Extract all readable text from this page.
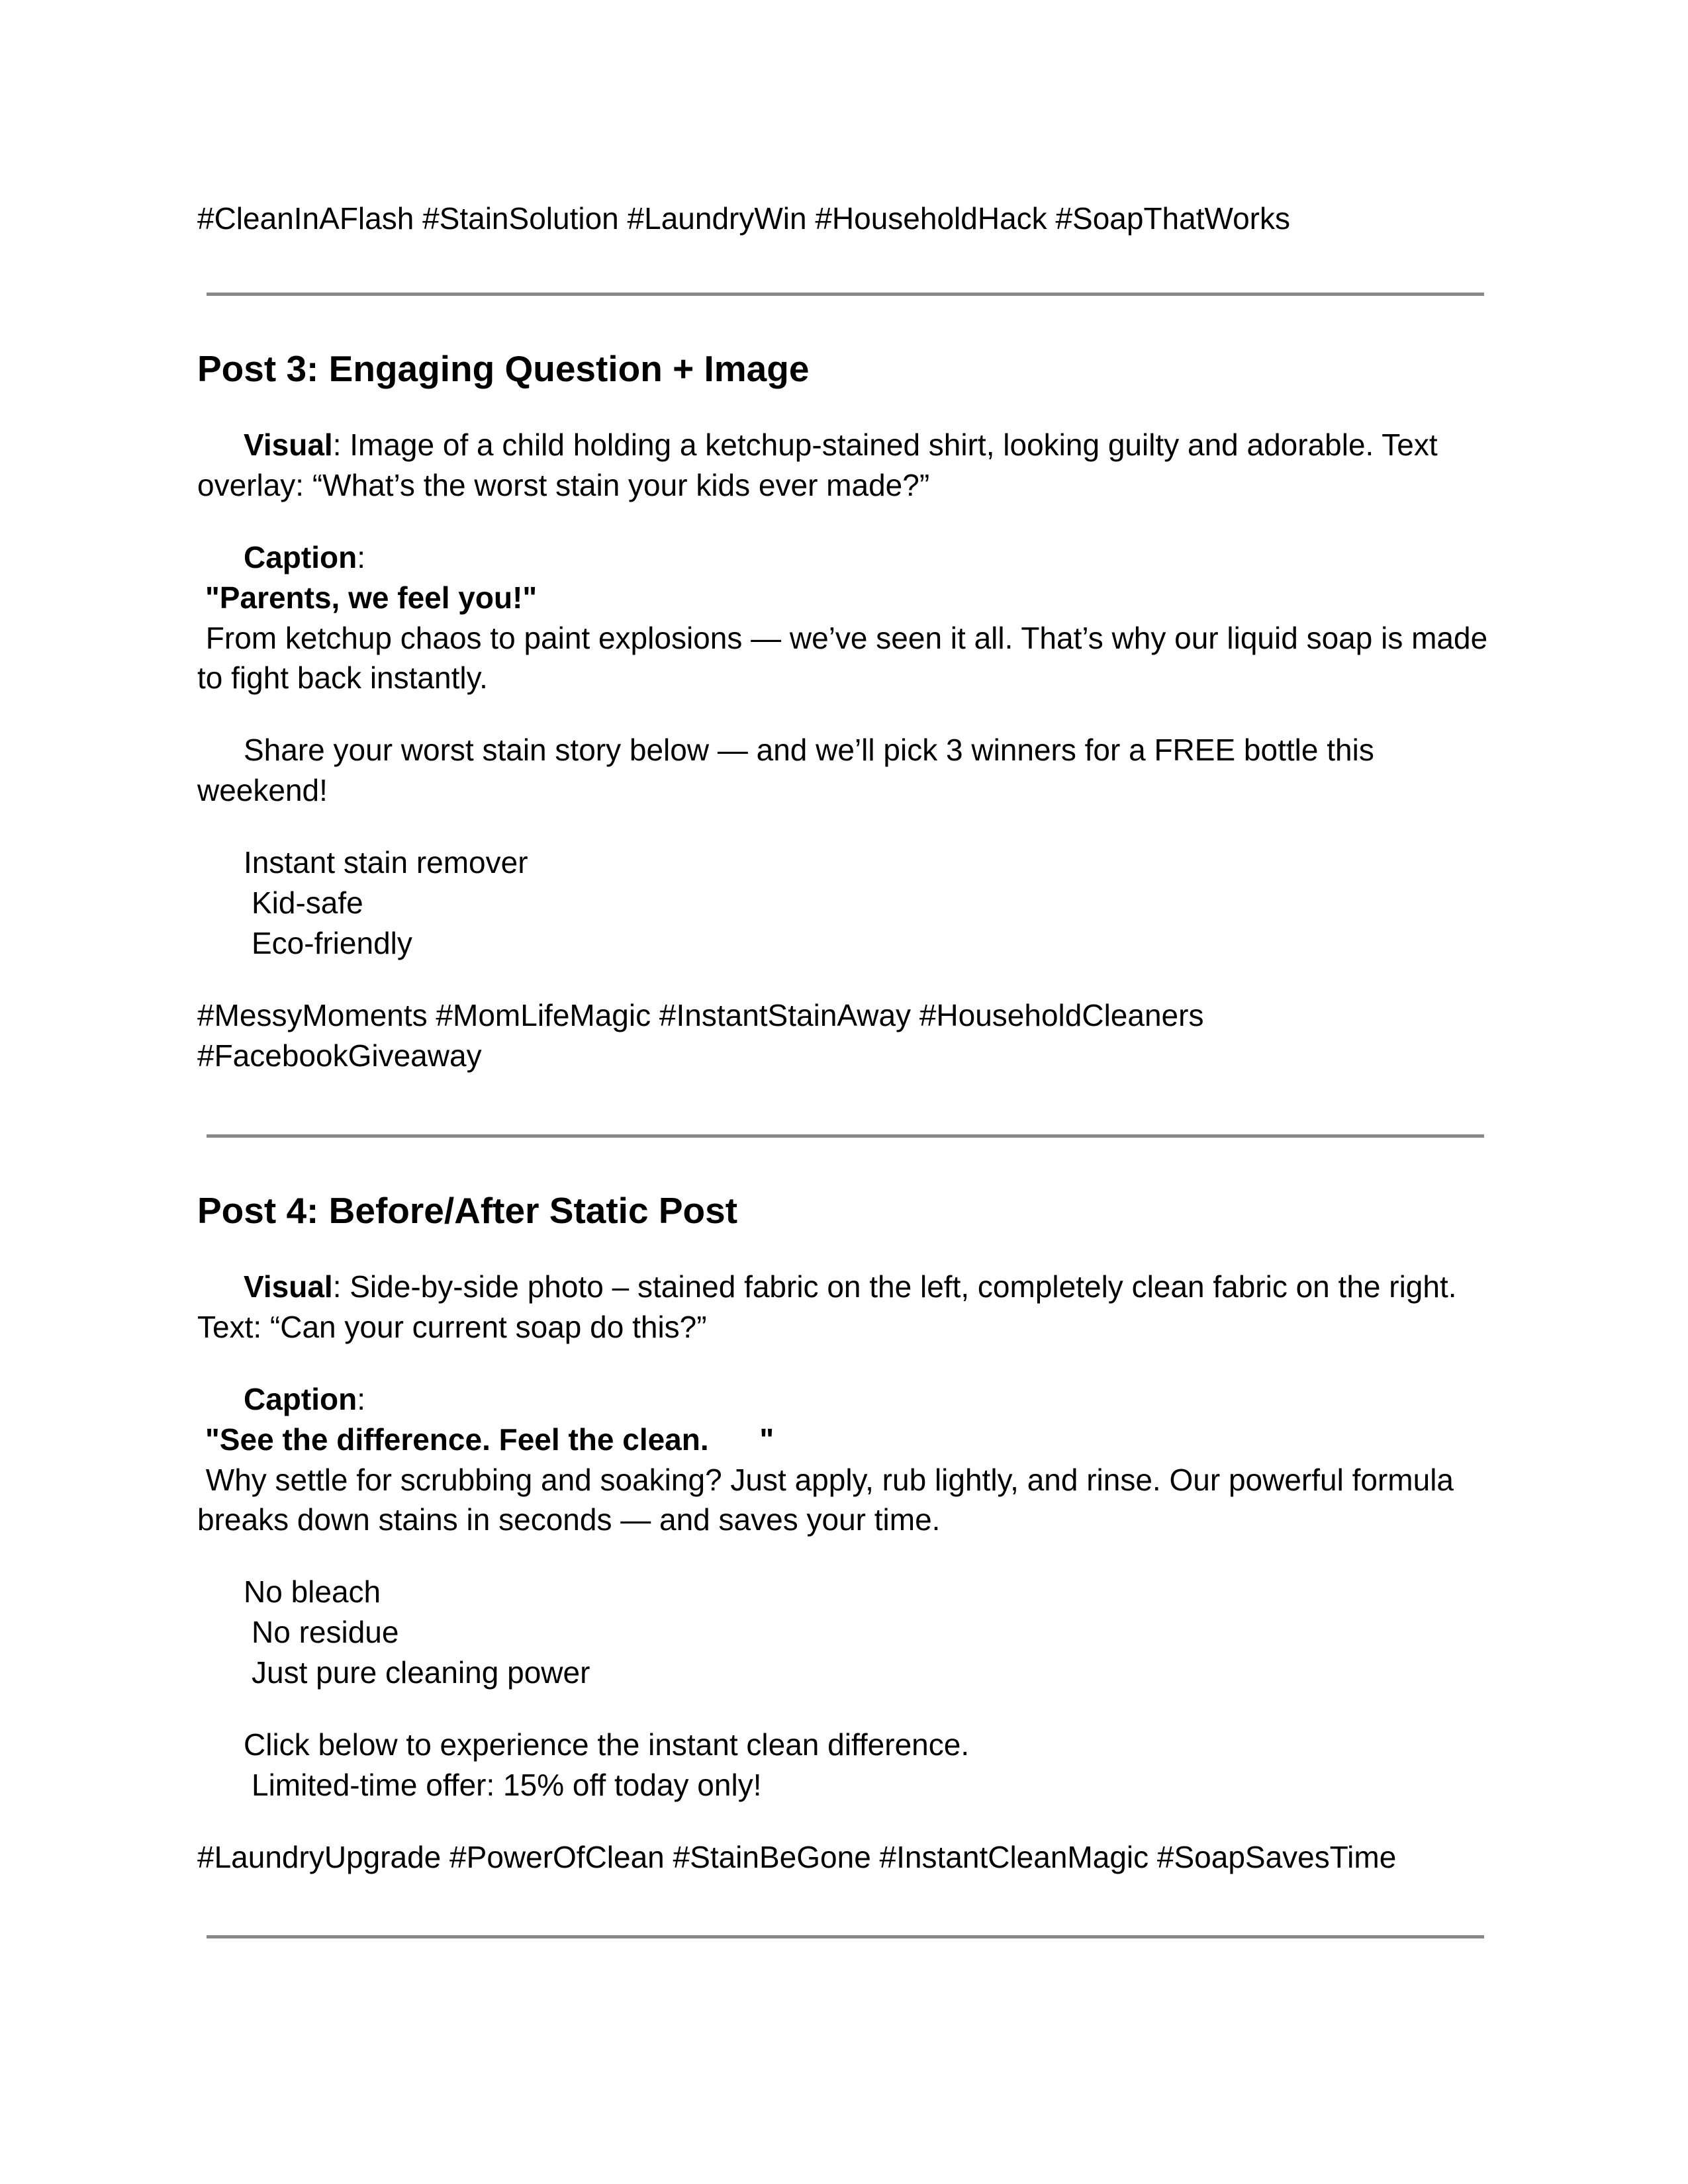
#CleanInAFlash #StainSolution #LaundryWin #HouseholdHack #SoapThatWorks
Post 3: Engaging Question + Image
Visual: Image of a child holding a ketchup-stained shirt, looking guilty and adorable. Text
overlay: “What’s the worst stain your kids ever made?”
Caption:
"Parents, we feel you!"
From ketchup chaos to paint explosions — we’ve seen it all. That’s why our liquid soap is made
to fight back instantly.
Share your worst stain story below — and we’ll pick 3 winners for a FREE bottle this
weekend!
Instant stain remover
Kid-safe
Eco-friendly
#MessyMoments #MomLifeMagic #InstantStainAway #HouseholdCleaners
#FacebookGiveaway
Post 4: Before/After Static Post
Visual: Side-by-side photo – stained fabric on the left, completely clean fabric on the right.
Text: “Can your current soap do this?”
Caption:
"See the difference. Feel the clean.      "
Why settle for scrubbing and soaking? Just apply, rub lightly, and rinse. Our powerful formula
breaks down stains in seconds — and saves your time.
No bleach
No residue
Just pure cleaning power
Click below to experience the instant clean difference.
Limited-time offer: 15% off today only!
#LaundryUpgrade #PowerOfClean #StainBeGone #InstantCleanMagic #SoapSavesTime
